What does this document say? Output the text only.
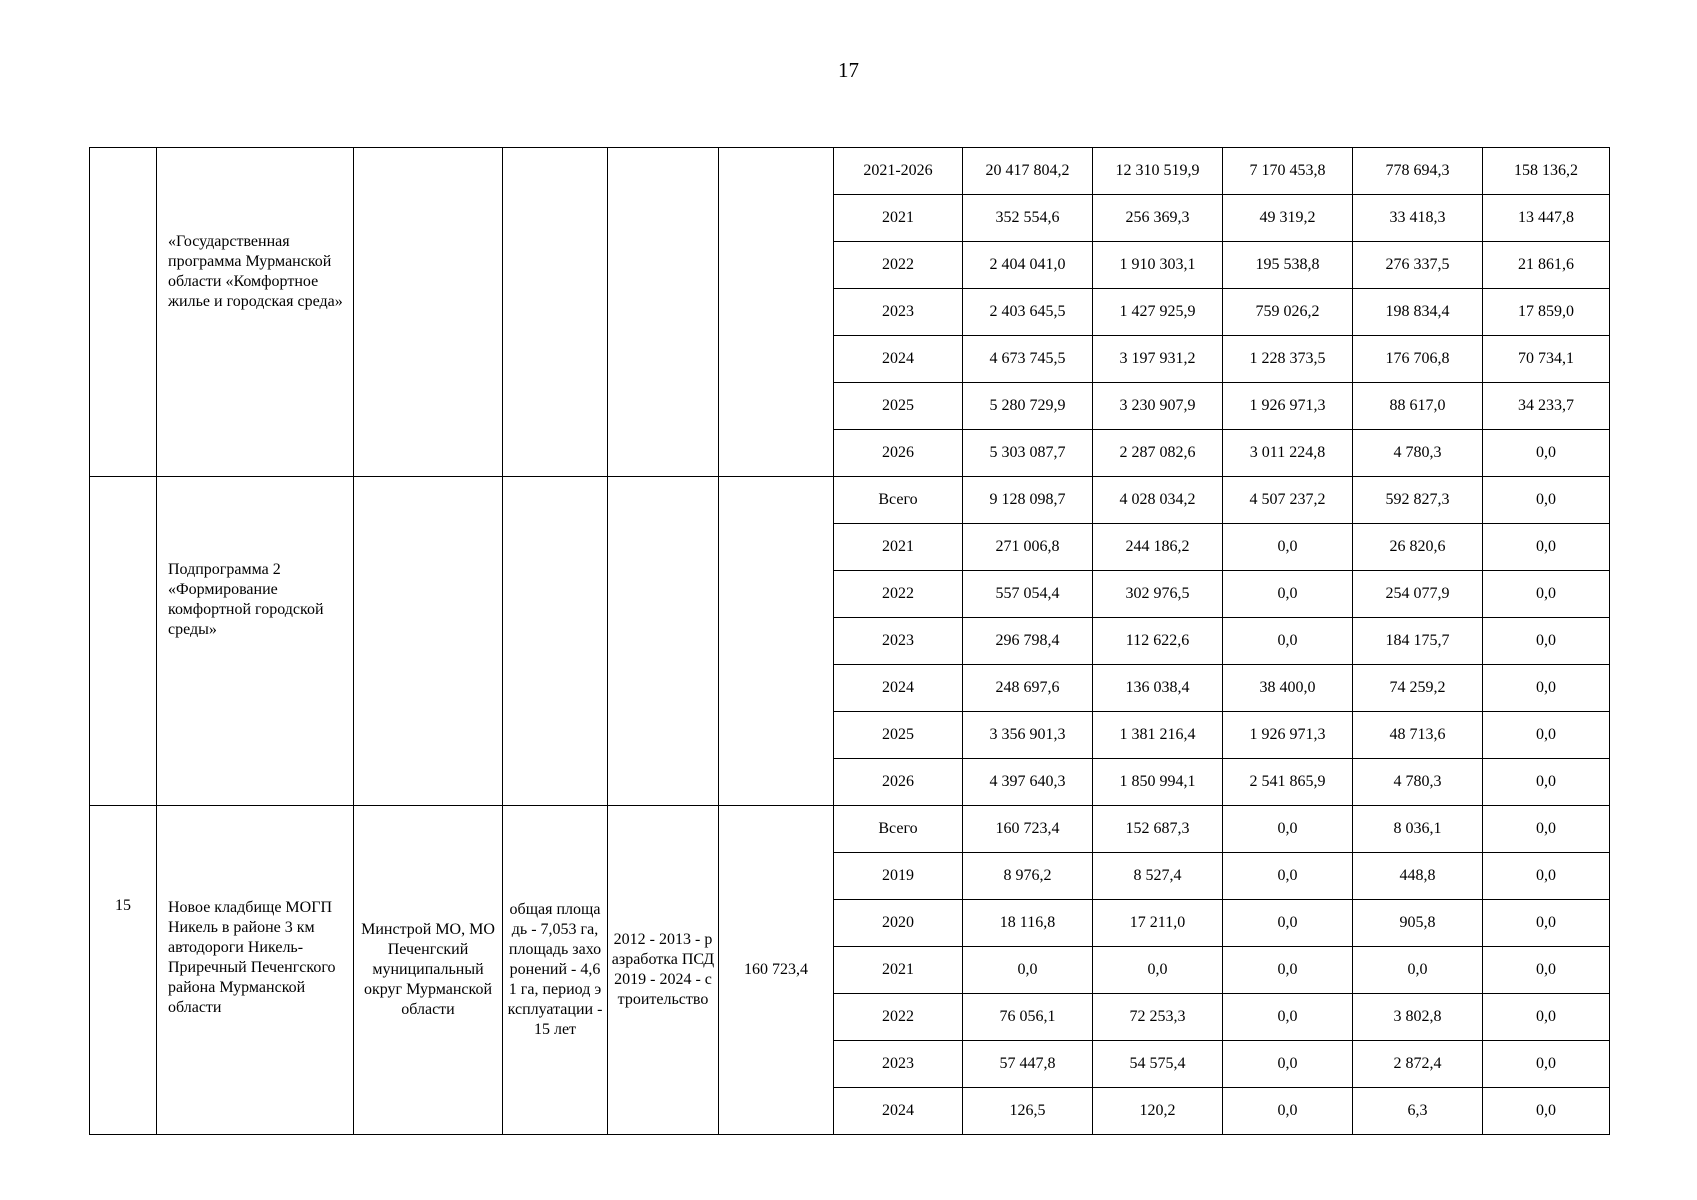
17

	«Государственная программа Мурманской области «Комфортное жилье и городская среда»					2021-2026	20 417 804,2	12 310 519,9	7 170 453,8	778 694,3	158 136,2
						2021	352 554,6	256 369,3	49 319,2	33 418,3	13 447,8
						2022	2 404 041,0	1 910 303,1	195 538,8	276 337,5	21 861,6
						2023	2 403 645,5	1 427 925,9	759 026,2	198 834,4	17 859,0
						2024	4 673 745,5	3 197 931,2	1 228 373,5	176 706,8	70 734,1
						2025	5 280 729,9	3 230 907,9	1 926 971,3	88 617,0	34 233,7
						2026	5 303 087,7	2 287 082,6	3 011 224,8	4 780,3	0,0

	Подпрограмма 2 «Формирование комфортной городской среды»					Всего	9 128 098,7	4 028 034,2	4 507 237,2	592 827,3	0,0
						2021	271 006,8	244 186,2	0,0	26 820,6	0,0
						2022	557 054,4	302 976,5	0,0	254 077,9	0,0
						2023	296 798,4	112 622,6	0,0	184 175,7	0,0
						2024	248 697,6	136 038,4	38 400,0	74 259,2	0,0
						2025	3 356 901,3	1 381 216,4	1 926 971,3	48 713,6	0,0
						2026	4 397 640,3	1 850 994,1	2 541 865,9	4 780,3	0,0
15	Новое кладбище МОГП Никель в районе 3 км автодороги Никель-Приречный Печенгского района Мурманской области	Минстрой МО, МО Печенгский муниципальный округ Мурманской области	общая площадь - 7,053 га, площадь захоронений - 4,61 га, период эксплуатации - 15 лет	2012 - 2013 - разработка ПСД 2019 - 2024 - строительство	160 723,4	Всего	160 723,4	152 687,3	0,0	8 036,1	0,0
						2019	8 976,2	8 527,4	0,0	448,8	0,0
						2020	18 116,8	17 211,0	0,0	905,8	0,0
						2021	0,0	0,0	0,0	0,0	0,0
						2022	76 056,1	72 253,3	0,0	3 802,8	0,0
						2023	57 447,8	54 575,4	0,0	2 872,4	0,0
						2024	126,5	120,2	0,0	6,3	0,0
